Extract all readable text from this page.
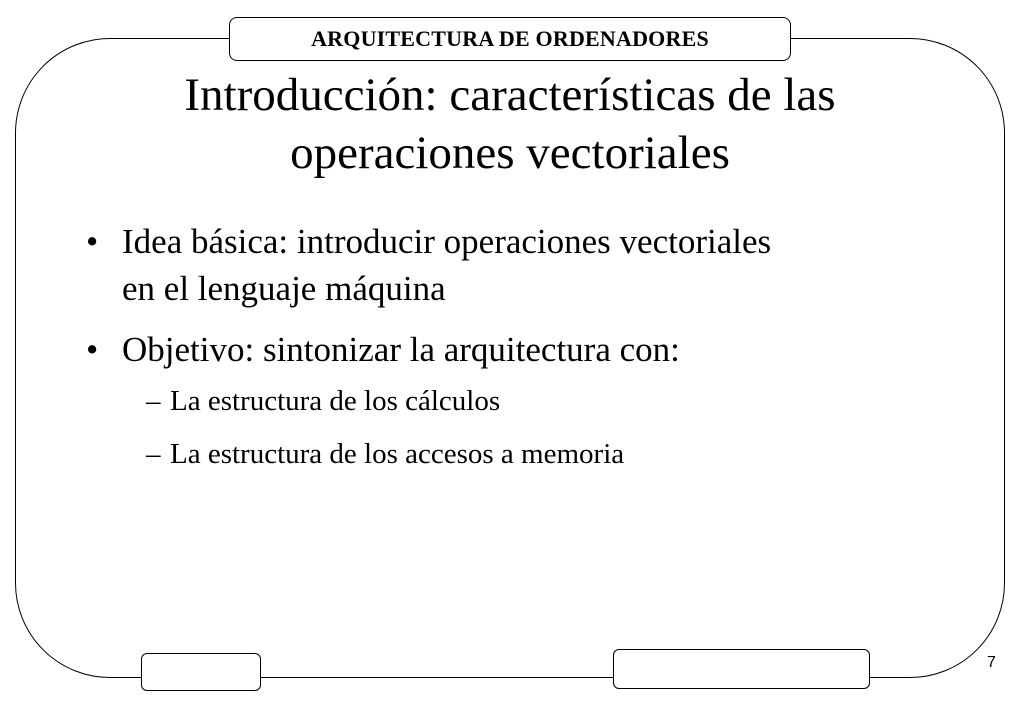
ARQUITECTURA DE ORDENADORES
Introducción: características de las
operaciones vectoriales
• Idea básica: introducir operaciones vectoriales
en el lenguaje máquina
• Objetivo: sintonizar la arquitectura con:
– La estructura de los cálculos
– La estructura de los accesos a memoria
7
